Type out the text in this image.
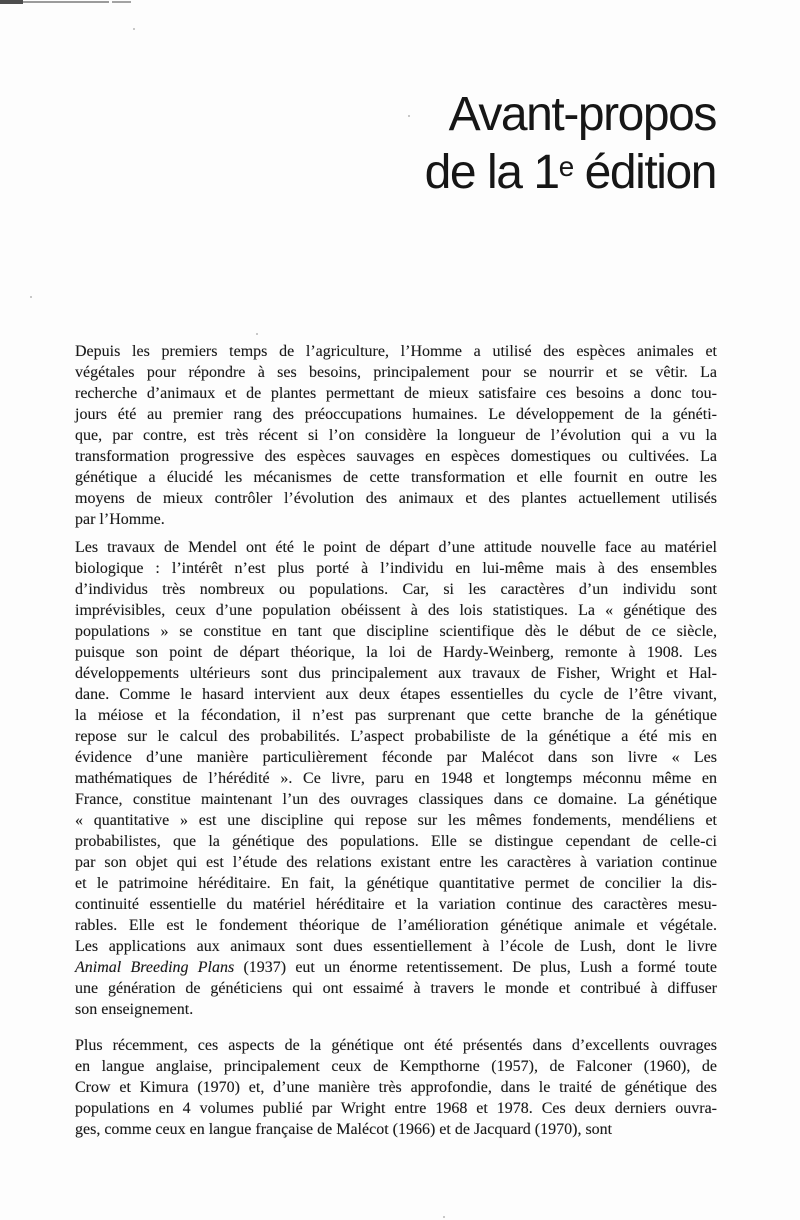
Avant-propos
de la 1e édition
Depuis les premiers temps de l’agriculture, l’Homme a utilisé des espèces animales et
végétales pour répondre à ses besoins, principalement pour se nourrir et se vêtir. La
recherche d’animaux et de plantes permettant de mieux satisfaire ces besoins a donc tou-
jours été au premier rang des préoccupations humaines. Le développement de la généti-
que, par contre, est très récent si l’on considère la longueur de l’évolution qui a vu la
transformation progressive des espèces sauvages en espèces domestiques ou cultivées. La
génétique a élucidé les mécanismes de cette transformation et elle fournit en outre les
moyens de mieux contrôler l’évolution des animaux et des plantes actuellement utilisés
par l’Homme.
Les travaux de Mendel ont été le point de départ d’une attitude nouvelle face au matériel
biologique : l’intérêt n’est plus porté à l’individu en lui-même mais à des ensembles
d’individus très nombreux ou populations. Car, si les caractères d’un individu sont
imprévisibles, ceux d’une population obéissent à des lois statistiques. La « génétique des
populations » se constitue en tant que discipline scientifique dès le début de ce siècle,
puisque son point de départ théorique, la loi de Hardy-Weinberg, remonte à 1908. Les
développements ultérieurs sont dus principalement aux travaux de Fisher, Wright et Hal-
dane. Comme le hasard intervient aux deux étapes essentielles du cycle de l’être vivant,
la méiose et la fécondation, il n’est pas surprenant que cette branche de la génétique
repose sur le calcul des probabilités. L’aspect probabiliste de la génétique a été mis en
évidence d’une manière particulièrement féconde par Malécot dans son livre « Les
mathématiques de l’hérédité ». Ce livre, paru en 1948 et longtemps méconnu même en
France, constitue maintenant l’un des ouvrages classiques dans ce domaine. La génétique
« quantitative » est une discipline qui repose sur les mêmes fondements, mendéliens et
probabilistes, que la génétique des populations. Elle se distingue cependant de celle-ci
par son objet qui est l’étude des relations existant entre les caractères à variation continue
et le patrimoine héréditaire. En fait, la génétique quantitative permet de concilier la dis-
continuité essentielle du matériel héréditaire et la variation continue des caractères mesu-
rables. Elle est le fondement théorique de l’amélioration génétique animale et végétale.
Les applications aux animaux sont dues essentiellement à l’école de Lush, dont le livre
Animal Breeding Plans (1937) eut un énorme retentissement. De plus, Lush a formé toute
une génération de généticiens qui ont essaimé à travers le monde et contribué à diffuser
son enseignement.
Plus récemment, ces aspects de la génétique ont été présentés dans d’excellents ouvrages
en langue anglaise, principalement ceux de Kempthorne (1957), de Falconer (1960), de
Crow et Kimura (1970) et, d’une manière très approfondie, dans le traité de génétique des
populations en 4 volumes publié par Wright entre 1968 et 1978. Ces deux derniers ouvra-
ges, comme ceux en langue française de Malécot (1966) et de Jacquard (1970), sont
